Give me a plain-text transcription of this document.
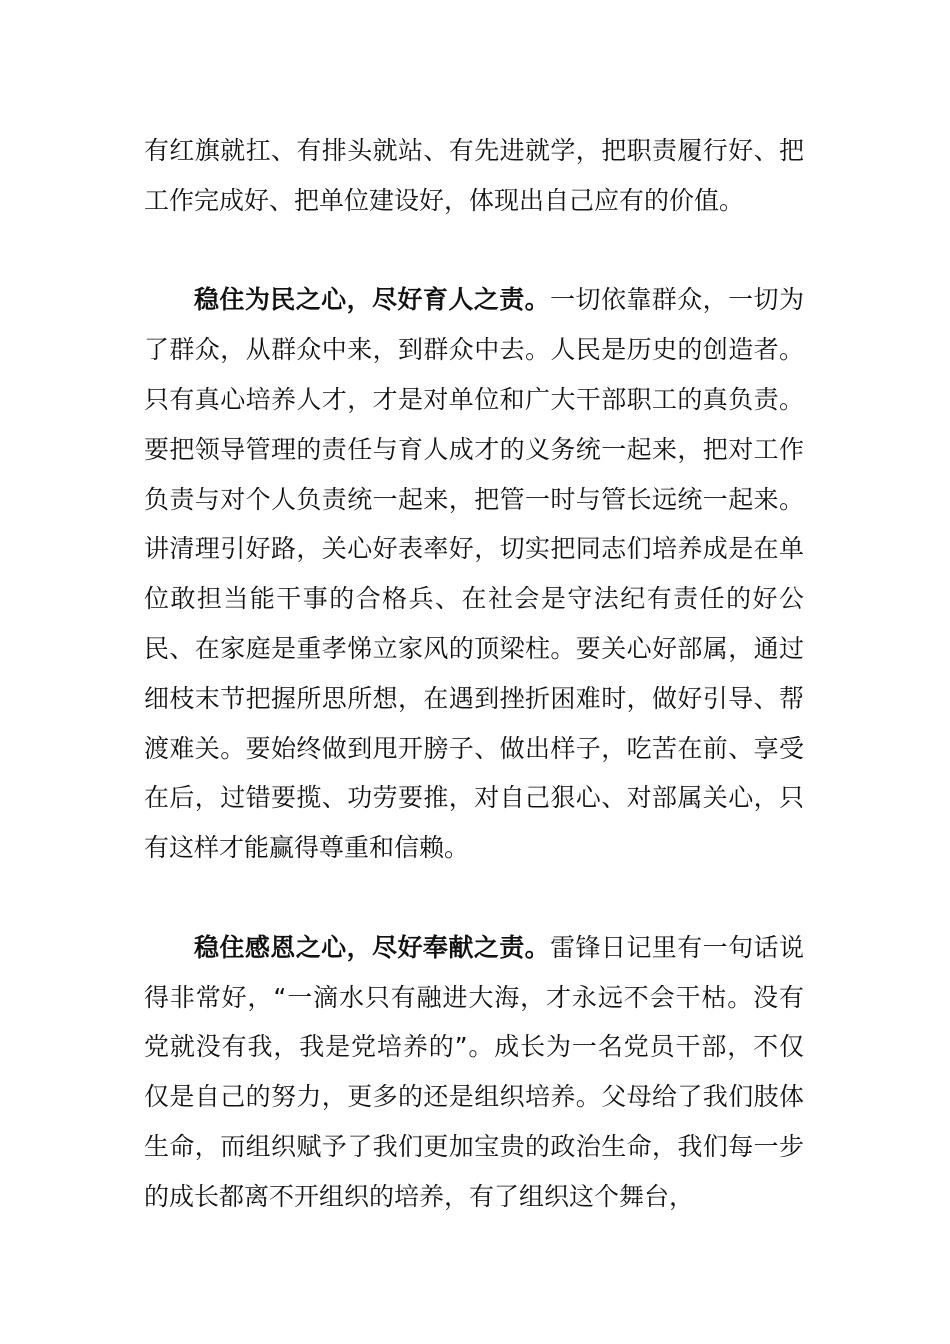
有红旗就扛、有排头就站、有先进就学，把职责履行好、把工作完成好、把单位建设好，体现出自己应有的价值。

稳住为民之心，尽好育人之责。一切依靠群众，一切为了群众，从群众中来，到群众中去。人民是历史的创造者。只有真心培养人才，才是对单位和广大干部职工的真负责。要把领导管理的责任与育人成才的义务统一起来，把对工作负责与对个人负责统一起来，把管一时与管长远统一起来。讲清理引好路，关心好表率好，切实把同志们培养成是在单位敢担当能干事的合格兵、在社会是守法纪有责任的好公民、在家庭是重孝悌立家风的顶梁柱。要关心好部属，通过细枝末节把握所思所想，在遇到挫折困难时，做好引导、帮渡难关。要始终做到甩开膀子、做出样子，吃苦在前、享受在后，过错要揽、功劳要推，对自己狠心、对部属关心，只有这样才能赢得尊重和信赖。

稳住感恩之心，尽好奉献之责。雷锋日记里有一句话说得非常好，“一滴水只有融进大海，才永远不会干枯。没有党就没有我，我是党培养的”。成长为一名党员干部，不仅仅是自己的努力，更多的还是组织培养。父母给了我们肢体生命，而组织赋予了我们更加宝贵的政治生命，我们每一步的成长都离不开组织的培养，有了组织这个舞台，
